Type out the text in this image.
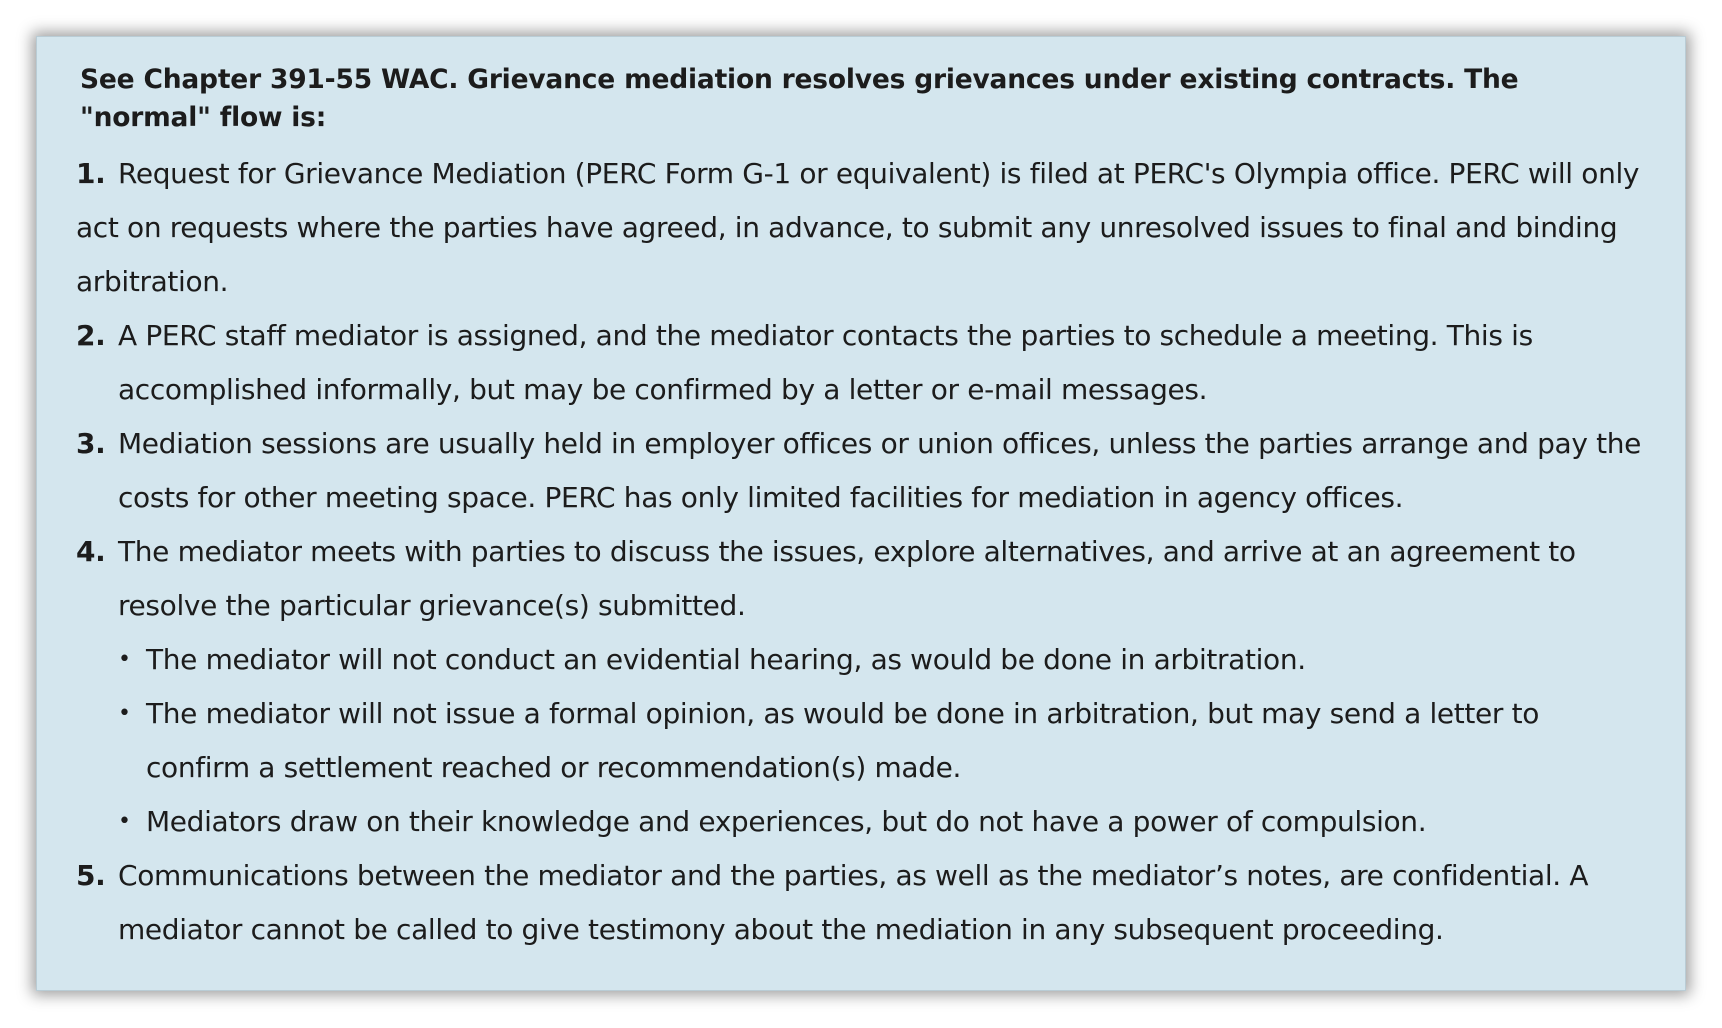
See Chapter 391-55 WAC. Grievance mediation resolves grievances under existing contracts. The "normal" flow is:
1. Request for Grievance Mediation (PERC Form G-1 or equivalent) is filed at PERC's Olympia office. PERC will only act on requests where the parties have agreed, in advance, to submit any unresolved issues to final and binding arbitration.
2. A PERC staff mediator is assigned, and the mediator contacts the parties to schedule a meeting. This is accomplished informally, but may be confirmed by a letter or e-mail messages.
3. Mediation sessions are usually held in employer offices or union offices, unless the parties arrange and pay the costs for other meeting space. PERC has only limited facilities for mediation in agency offices.
4. The mediator meets with parties to discuss the issues, explore alternatives, and arrive at an agreement to resolve the particular grievance(s) submitted.
• The mediator will not conduct an evidential hearing, as would be done in arbitration.
• The mediator will not issue a formal opinion, as would be done in arbitration, but may send a letter to confirm a settlement reached or recommendation(s) made.
• Mediators draw on their knowledge and experiences, but do not have a power of compulsion.
5. Communications between the mediator and the parties, as well as the mediator’s notes, are confidential. A mediator cannot be called to give testimony about the mediation in any subsequent proceeding.
